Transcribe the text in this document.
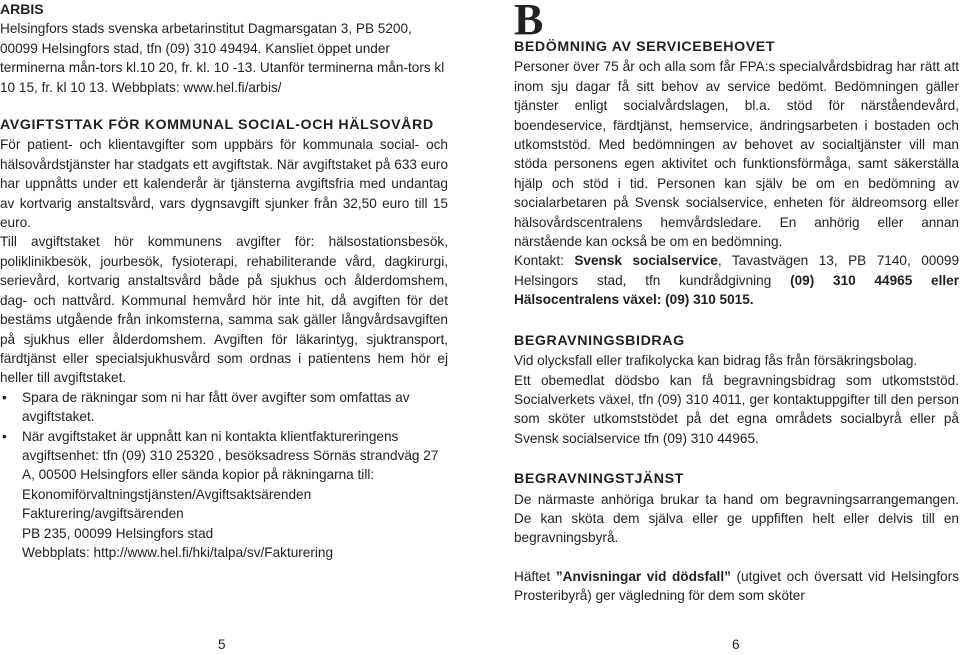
ARBIS

Helsingfors stads svenska arbetarinstitut Dagmarsgatan 3, PB 5200, 00099 Helsingfors stad, tfn (09) 310 49494. Kansliet öppet under terminerna mån-tors kl.10 20, fr. kl. 10 -13. Utanför terminerna mån-tors kl 10 15, fr. kl 10 13. Webbplats: www.hel.fi/arbis/

AVGIFTSTTAK FÖR KOMMUNAL SOCIAL-OCH HÄLSOVÅRD

För patient- och klientavgifter som uppbärs för kommunala social- och hälsovårdstjänster har stadgats ett avgiftstak. När avgiftstaket på 633 euro har uppnåtts under ett kalenderår är tjänsterna avgiftsfria med undantag av kortvarig anstaltsvård, vars dygnsavgift sjunker från 32,50 euro till 15 euro.

Till avgiftstaket hör kommunens avgifter för: hälsostationsbesök, poliklinikbesök, jourbesök, fysioterapi, rehabiliterande vård, dagkirurgi, serievård, kortvarig anstaltsvård både på sjukhus och ålderdomshem, dag- och nattvård. Kommunal hemvård hör inte hit, då avgiften för det bestäms utgående från inkomsterna, samma sak gäller långvårdsavgiften på sjukhus eller ålderdomshem. Avgiften för läkarintyg, sjuktransport, färdtjänst eller specialsjukhusvård som ordnas i patientens hem hör ej heller till avgiftstaket.

• Spara de räkningar som ni har fått över avgifter som omfattas av avgiftstaket.
• När avgiftstaket är uppnått kan ni kontakta klientfaktureringens avgiftsenhet: tfn (09) 310 25320 , besöksadress Sörnäs strandväg 27 A, 00500 Helsingfors eller sända kopior på räkningarna till:
Ekonomiförvaltningstjänsten/Avgiftsaktsärenden
Fakturering/avgiftsärenden
PB 235, 00099 Helsingfors stad
Webbplats: http://www.hel.fi/hki/talpa/sv/Fakturering
5
B
BEDÖMNING AV SERVICEBEHOVET

Personer över 75 år och alla som får FPA:s specialvårdsbidrag har rätt att inom sju dagar få sitt behov av service bedömt. Bedömningen gäller tjänster enligt socialvårdslagen, bl.a. stöd för närståendevård, boendeservice, färdtjänst, hemservice, ändringsarbeten i bostaden och utkomststöd. Med bedömningen av behovet av socialtjänster vill man stöda personens egen aktivitet och funktionsförmåga, samt säkerställa hjälp och stöd i tid. Personen kan själv be om en bedömning av socialarbetaren på Svensk socialservice, enheten för äldreomsorg eller hälsovårdscentralens hemvårdsledare. En anhörig eller annan närstående kan också be om en bedömning.

Kontakt: Svensk socialservice, Tavastvägen 13, PB 7140, 00099 Helsingors stad, tfn kundrådgivning (09) 310 44965 eller Hälsocentralens växel: (09) 310 5015.

BEGRAVNINGSBIDRAG

Vid olycksfall eller trafikolycka kan bidrag fås från försäkringsbolag.

Ett obemedlat dödsbo kan få begravningsbidrag som utkomststöd. Socialverkets växel, tfn (09) 310 4011, ger kontaktuppgifter till den person som sköter utkomststödet på det egna områdets socialbyrå eller på Svensk socialservice tfn (09) 310 44965.

BEGRAVNINGSTJÄNST

De närmaste anhöriga brukar ta hand om begravningsarrangemangen. De kan sköta dem själva eller ge uppfiften helt eller delvis till en begravningsbyrå.

Häftet ”Anvisningar vid dödsfall” (utgivet och översatt vid Helsingfors Prosteribyrå) ger vägledning för dem som sköter

6
